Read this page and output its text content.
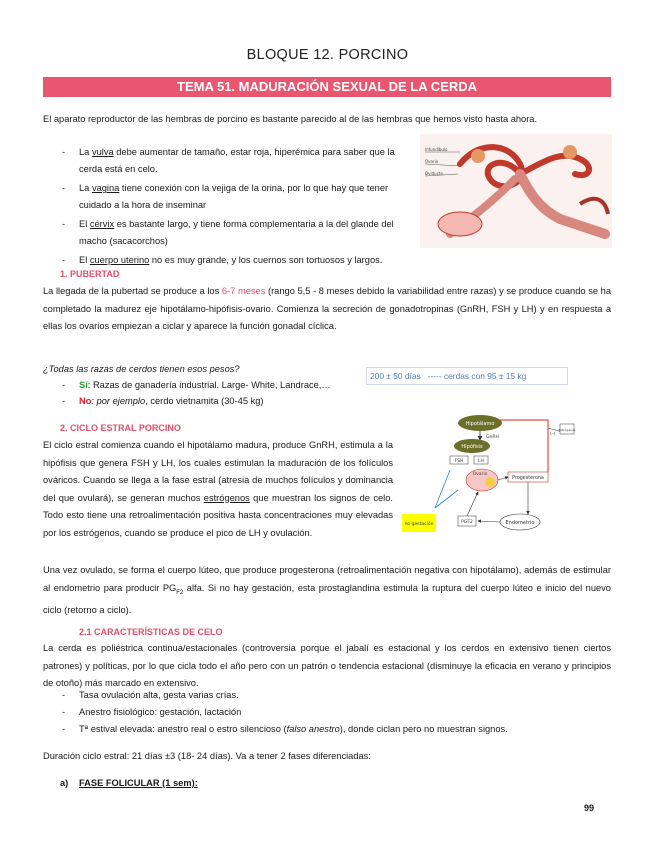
BLOQUE 12. PORCINO
TEMA 51. MADURACIÓN SEXUAL DE LA CERDA
El aparato reproductor de las hembras de porcino es bastante parecido al de las hembras que hemos visto hasta ahora.
- La vulva debe aumentar de tamaño, estar roja, hiperémica para saber que la cerda está en celo.
- La vagina tiene conexión con la vejiga de la orina, por lo que hay que tener cuidado a la hora de inseminar
- El cérvix es bastante largo, y tiene forma complementaria a la del glande del macho (sacacorchos)
- El cuerpo uterino no es muy grande, y los cuernos son tortuosos y largos.
Infundíbulo
Ovario
Oviducto
1. PUBERTAD
La llegada de la pubertad se produce a los 6-7 meses (rango 5,5 - 8 meses debido la variabilidad entre razas) y se produce cuando se ha completado la madurez eje hipotálamo-hipófisis-ovario. Comienza la secreción de gonadotropinas (GnRH, FSH y LH) y en respuesta a ellas los ovarios empiezan a ciclar y aparece la función gonadal cíclica.
¿Todas las razas de cerdos tienen esos pesos?
- Sí: Razas de ganadería industrial. Large- White, Landrace,…
- No: por ejemplo, cerdo vietnamita (30-45 kg)
200 ± 50 días   ----- cerdas con 95 ± 15 kg
2. CICLO ESTRAL PORCINO
El ciclo estral comienza cuando el hipotálamo madura, produce GnRH, estimula a la hipófisis que genera FSH y LH, los cuales estimulan la maduración de los folículos ováricos. Cuando se llega a la fase estral (atresia de muchos folículos y dominancia del que ovulará), se generan muchos estrógenos que muestran los signos de celo. Todo esto tiene una retroalimentación positiva hasta concentraciones muy elevadas por los estrógenos, cuando se produce el pico de LH y ovulación.
Hipotálamo
GnRH
Hipófisis
FSH	LH
Ovario
Progesterona
(-)
Estrógenos
PGF2	Endometrio
no gestación
Una vez ovulado, se forma el cuerpo lúteo, que produce progesterona (retroalimentación negativa con hipotálamo), además de estimular al endometrio para producir $PG_{F2}$ alfa. Si no hay gestación, esta prostaglandina estimula la ruptura del cuerpo lúteo e inicio del nuevo ciclo (retorno a ciclo).
2.1 CARACTERÍSTICAS DE CELO
La cerda es poliéstrica continua/estacionales (controversia porque el jabalí es estacional y los cerdos en extensivo tienen ciertos patrones) y políticas, por lo que cicla todo el año pero con un patrón o tendencia estacional (disminuye la eficacia en verano y principios de otoño) más marcado en extensivo.
- Tasa ovulación alta, gesta varias crías.
- Anestro fisiológico: gestación, lactación
- Tª estival elevada: anestro real o estro silencioso (falso anestro), donde ciclan pero no muestran signos.
Duración ciclo estral: 21 días ±3 (18- 24 días). Va a tener 2 fases diferenciadas:
a) FASE FOLICULAR (1 sem):
99
